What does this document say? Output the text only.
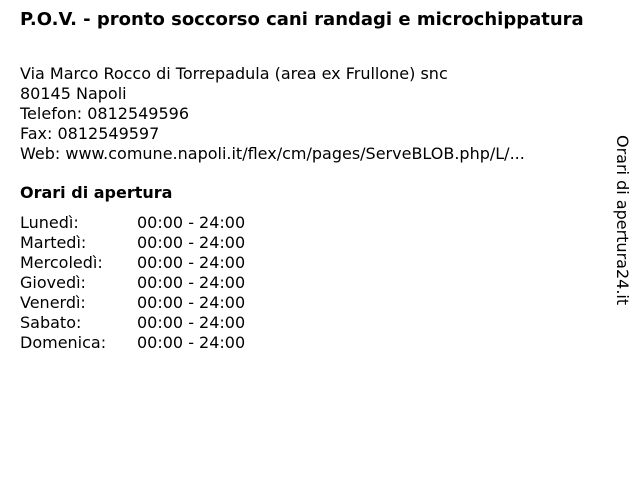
P.O.V. - pronto soccorso cani randagi e microchippatura
Via Marco Rocco di Torrepadula (area ex Frullone) snc
80145 Napoli
Telefon: 0812549596
Fax: 0812549597
Web: www.comune.napoli.it/flex/cm/pages/ServeBLOB.php/L/...
Orari di apertura
Lunedì:	00:00 - 24:00
Martedì:	00:00 - 24:00
Mercoledì:	00:00 - 24:00
Giovedì:	00:00 - 24:00
Venerdì:	00:00 - 24:00
Sabato:	00:00 - 24:00
Domenica:	00:00 - 24:00
Orari di apertura24.it
